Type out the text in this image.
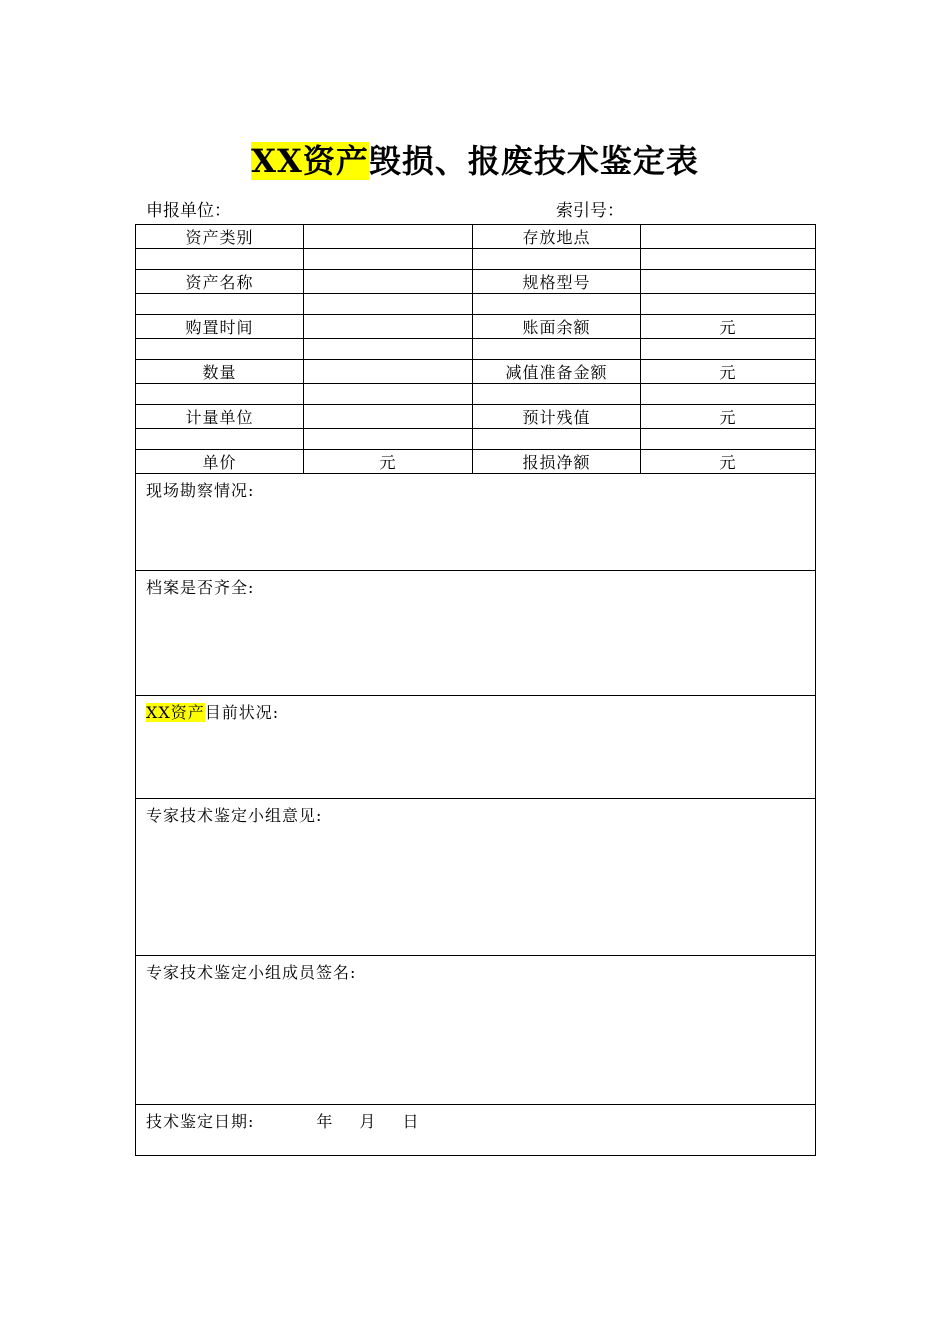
XX资产毁损、报废技术鉴定表
申报单位：	索引号：
资产类别		存放地点	

资产名称		规格型号	

购置时间		账面余额	元

数量		减值准备金额	元

计量单位		预计残值	元

单价	元	报损净额	元
现场勘察情况:			
档案是否齐全:			
XX资产目前状况:			
专家技术鉴定小组意见:			
专家技术鉴定小组成员签名:			
技术鉴定日期: 年 月 日			
